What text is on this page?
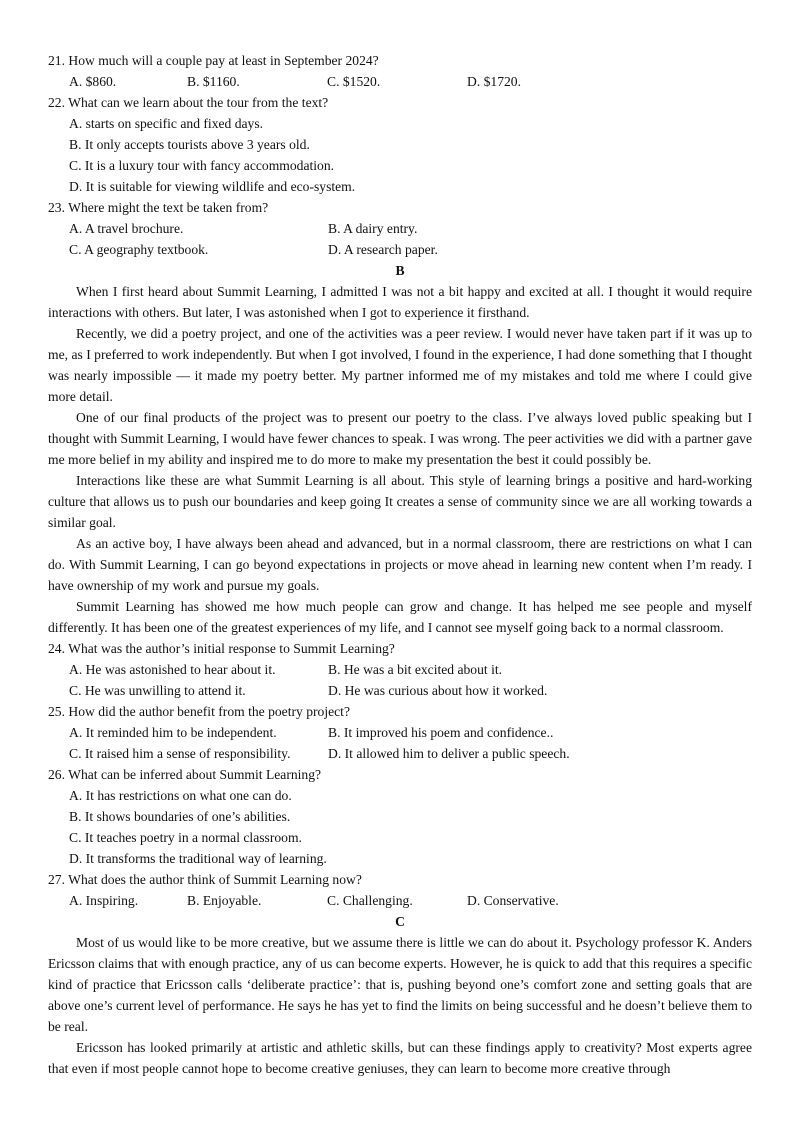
21. How much will a couple pay at least in September 2024?
A. $860.	B. $1160.	C. $1520.	D. $1720.
22. What can we learn about the tour from the text?
A. starts on specific and fixed days.
B. It only accepts tourists above 3 years old.
C. It is a luxury tour with fancy accommodation.
D. It is suitable for viewing wildlife and eco-system.
23. Where might the text be taken from?
A. A travel brochure.	B. A dairy entry.
C. A geography textbook.	D. A research paper.
B

When I first heard about Summit Learning, I admitted I was not a bit happy and excited at all. I thought it would require interactions with others. But later, I was astonished when I got to experience it firsthand.

Recently, we did a poetry project, and one of the activities was a peer review. I would never have taken part if it was up to me, as I preferred to work independently. But when I got involved, I found in the experience, I had done something that I thought was nearly impossible — it made my poetry better. My partner informed me of my mistakes and told me where I could give more detail.

One of our final products of the project was to present our poetry to the class. I’ve always loved public speaking but I thought with Summit Learning, I would have fewer chances to speak. I was wrong. The peer activities we did with a partner gave me more belief in my ability and inspired me to do more to make my presentation the best it could possibly be.

Interactions like these are what Summit Learning is all about. This style of learning brings a positive and hard-working culture that allows us to push our boundaries and keep going It creates a sense of community since we are all working towards a similar goal.

As an active boy, I have always been ahead and advanced, but in a normal classroom, there are restrictions on what I can do. With Summit Learning, I can go beyond expectations in projects or move ahead in learning new content when I’m ready. I have ownership of my work and pursue my goals.

Summit Learning has showed me how much people can grow and change. It has helped me see people and myself differently. It has been one of the greatest experiences of my life, and I cannot see myself going back to a normal classroom.

24. What was the author’s initial response to Summit Learning?
A. He was astonished to hear about it.	B. He was a bit excited about it.
C. He was unwilling to attend it.	D. He was curious about how it worked.
25. How did the author benefit from the poetry project?
A. It reminded him to be independent.	B. It improved his poem and confidence..
C. It raised him a sense of responsibility.	D. It allowed him to deliver a public speech.
26. What can be inferred about Summit Learning?
A. It has restrictions on what one can do.
B. It shows boundaries of one’s abilities.
C. It teaches poetry in a normal classroom.
D. It transforms the traditional way of learning.
27. What does the author think of Summit Learning now?
A. Inspiring.	B. Enjoyable.	C. Challenging.	D. Conservative.
C

Most of us would like to be more creative, but we assume there is little we can do about it. Psychology professor K. Anders Ericsson claims that with enough practice, any of us can become experts. However, he is quick to add that this requires a specific kind of practice that Ericsson calls ‘deliberate practice’: that is, pushing beyond one’s comfort zone and setting goals that are above one’s current level of performance. He says he has yet to find the limits on being successful and he doesn’t believe them to be real.

Ericsson has looked primarily at artistic and athletic skills, but can these findings apply to creativity? Most experts agree that even if most people cannot hope to become creative geniuses, they can learn to become more creative through
